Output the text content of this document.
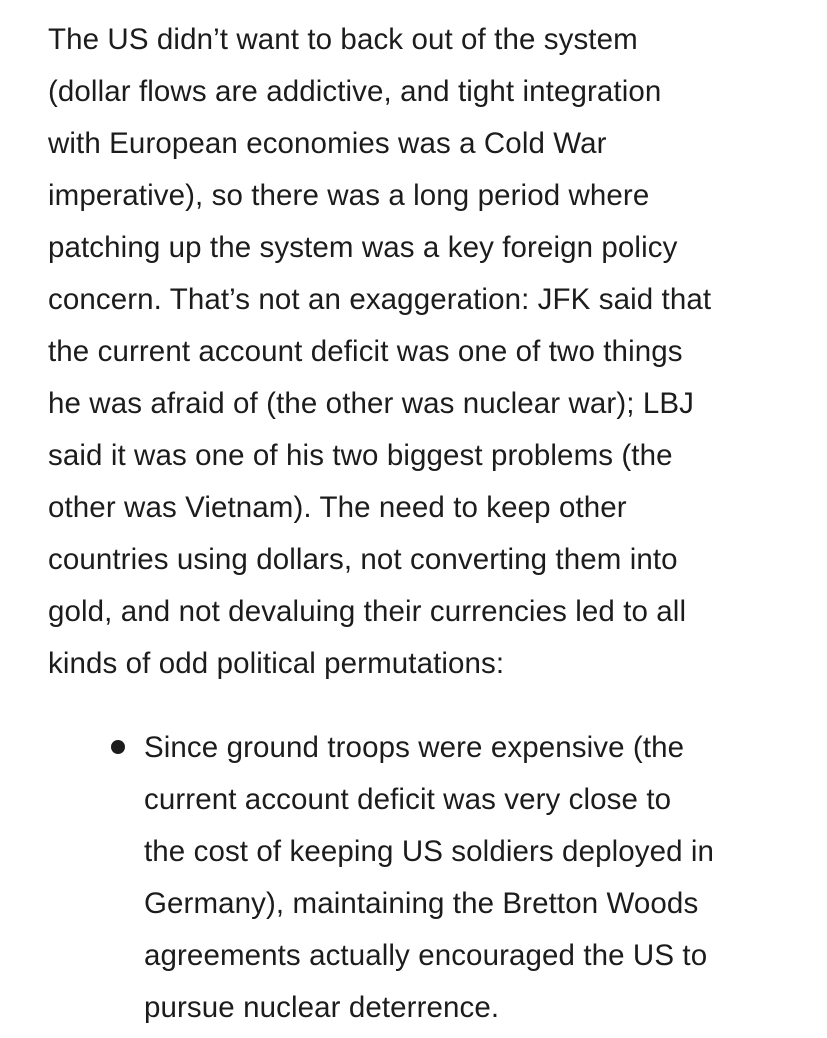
The US didn’t want to back out of the system
(dollar flows are addictive, and tight integration
with European economies was a Cold War
imperative), so there was a long period where
patching up the system was a key foreign policy
concern. That’s not an exaggeration: JFK said that
the current account deficit was one of two things
he was afraid of (the other was nuclear war); LBJ
said it was one of his two biggest problems (the
other was Vietnam). The need to keep other
countries using dollars, not converting them into
gold, and not devaluing their currencies led to all
kinds of odd political permutations:
Since ground troops were expensive (the
current account deficit was very close to
the cost of keeping US soldiers deployed in
Germany), maintaining the Bretton Woods
agreements actually encouraged the US to
pursue nuclear deterrence.
